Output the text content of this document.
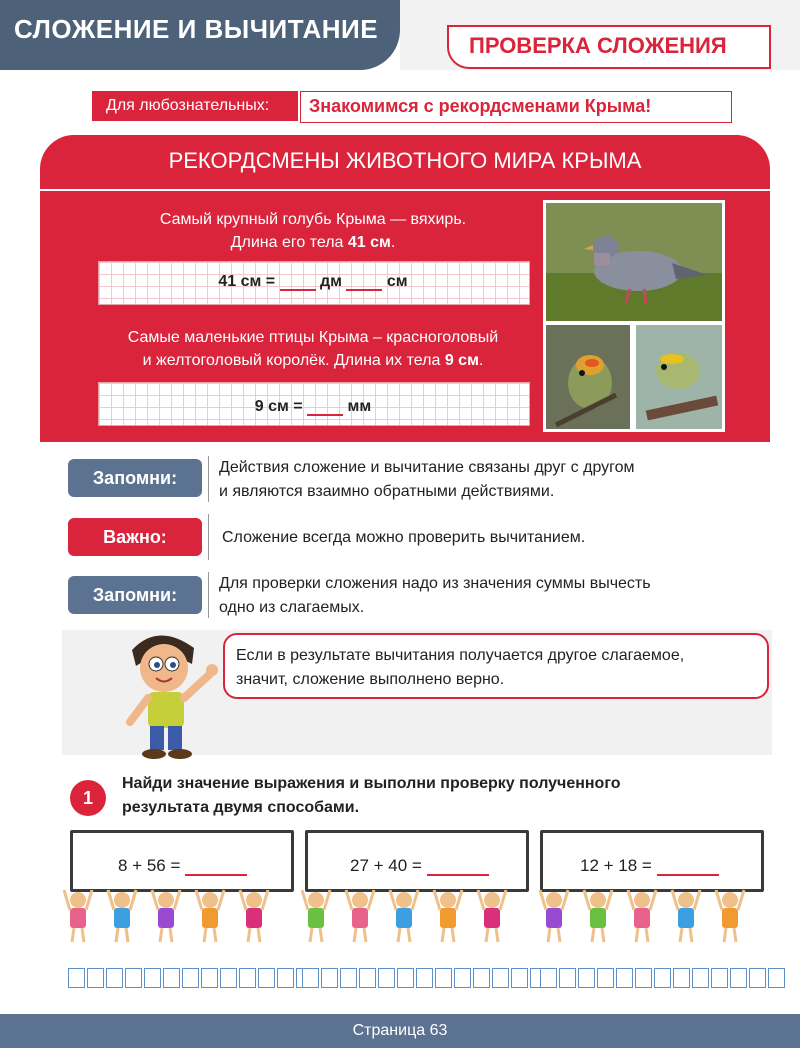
СЛОЖЕНИЕ И ВЫЧИТАНИЕ
ПРОВЕРКА СЛОЖЕНИЯ
Для любознательных: Знакомимся с рекордсменами Крыма!
РЕКОРДСМЕНЫ ЖИВОТНОГО МИРА КРЫМА
Самый крупный голубь Крыма — вяхирь.
Длина его тела 41 см.
41 см =  дм  см
Самые маленькие птицы Крыма – красноголовый
и желтоголовый королёк. Длина их тела 9 см.
9 см =  мм
Запомни:
Действия сложение и вычитание связаны друг с другом
и являются взаимно обратными действиями.
Важно:	Сложение всегда можно проверить вычитанием.
Запомни:
Для проверки сложения надо из значения суммы вычесть
одно из слагаемых.
Если в результате вычитания получается другое слагаемое,
значит, сложение выполнено верно.
1
Найди значение выражения и выполни проверку полученного
результата двумя способами.
8 + 56 =	27 + 40 =	12 + 18 =
Страница 63
